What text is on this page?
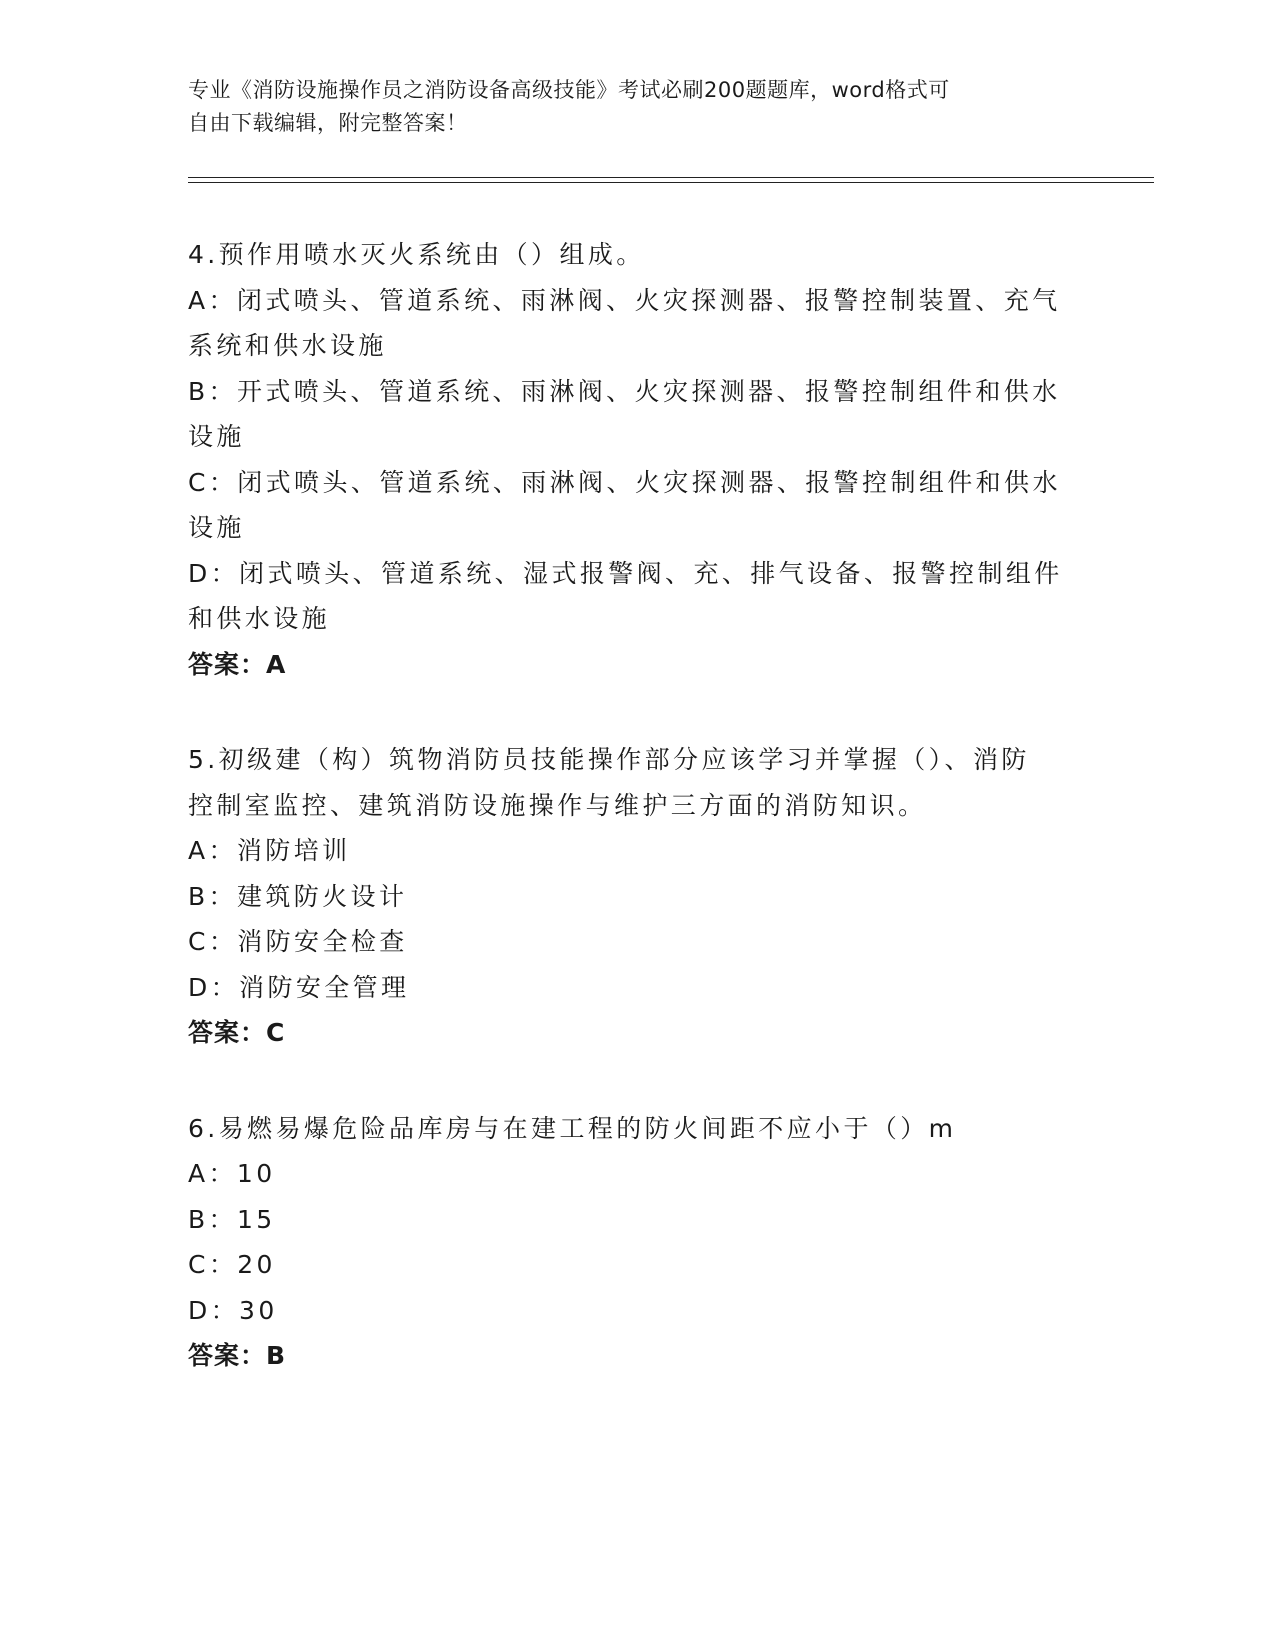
专业《消防设施操作员之消防设备高级技能》考试必刷200题题库，word格式可
自由下载编辑，附完整答案！
4.预作用喷水灭火系统由（）组成。
A：闭式喷头、管道系统、雨淋阀、火灾探测器、报警控制装置、充气
系统和供水设施
B：开式喷头、管道系统、雨淋阀、火灾探测器、报警控制组件和供水
设施
C：闭式喷头、管道系统、雨淋阀、火灾探测器、报警控制组件和供水
设施
D：闭式喷头、管道系统、湿式报警阀、充、排气设备、报警控制组件
和供水设施
答案：A
5.初级建（构）筑物消防员技能操作部分应该学习并掌握（）、消防
控制室监控、建筑消防设施操作与维护三方面的消防知识。
A：消防培训
B：建筑防火设计
C：消防安全检查
D：消防安全管理
答案：C
6.易燃易爆危险品库房与在建工程的防火间距不应小于（）m
A：10
B：15
C：20
D：30
答案：B
